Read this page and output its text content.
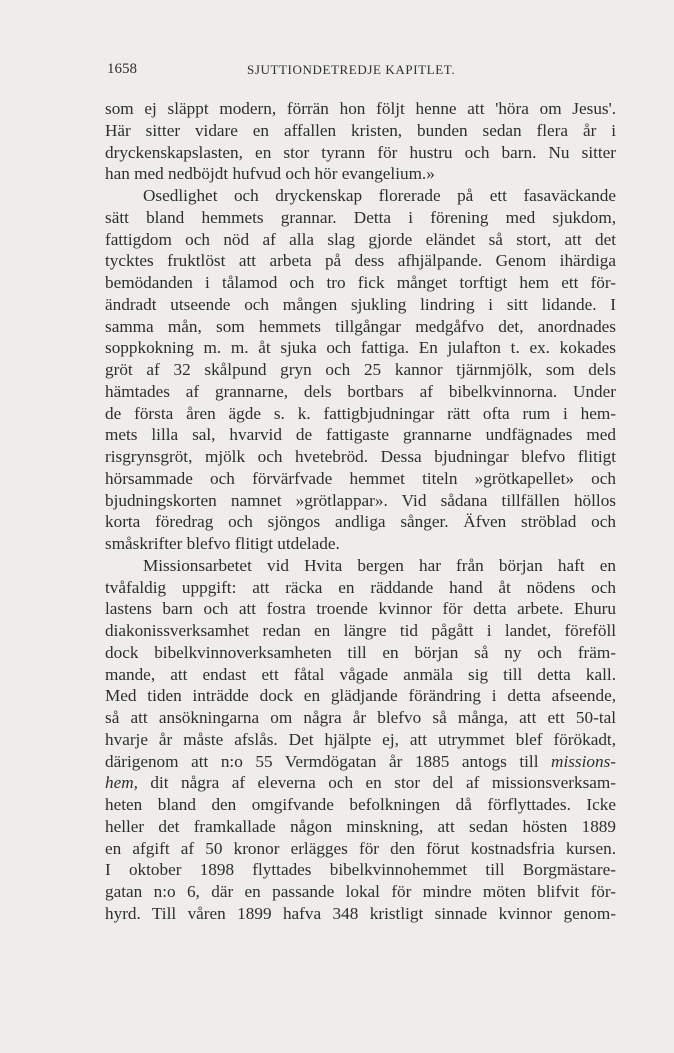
1658	SJUTTIONDETREDJE KAPITLET.
som ej släppt modern, förrän hon följt henne att 'höra om Jesus'.
Här sitter vidare en affallen kristen, bunden sedan flera år i
dryckenskapslasten, en stor tyrann för hustru och barn. Nu sitter
han med nedböjdt hufvud och hör evangelium.»
Osedlighet och dryckenskap florerade på ett fasaväckande
sätt bland hemmets grannar. Detta i förening med sjukdom,
fattigdom och nöd af alla slag gjorde eländet så stort, att det
tycktes fruktlöst att arbeta på dess afhjälpande. Genom ihärdiga
bemödanden i tålamod och tro fick månget torftigt hem ett för-
ändradt utseende och mången sjukling lindring i sitt lidande. I
samma mån, som hemmets tillgångar medgåfvo det, anordnades
soppkokning m. m. åt sjuka och fattiga. En julafton t. ex. kokades
gröt af 32 skålpund gryn och 25 kannor tjärnmjölk, som dels
hämtades af grannarne, dels bortbars af bibelkvinnorna. Under
de första åren ägde s. k. fattigbjudningar rätt ofta rum i hem-
mets lilla sal, hvarvid de fattigaste grannarne undfägnades med
risgrynsgröt, mjölk och hvetebröd. Dessa bjudningar blefvo flitigt
hörsammade och förvärfvade hemmet titeln »grötkapellet» och
bjudningskorten namnet »grötlappar». Vid sådana tillfällen höllos
korta föredrag och sjöngos andliga sånger. Äfven ströblad och
småskrifter blefvo flitigt utdelade.
Missionsarbetet vid Hvita bergen har från början haft en
tvåfaldig uppgift: att räcka en räddande hand åt nödens och
lastens barn och att fostra troende kvinnor för detta arbete. Ehuru
diakonissverksamhet redan en längre tid pågått i landet, föreföll
dock bibelkvinnoverksamheten till en början så ny och främ-
mande, att endast ett fåtal vågade anmäla sig till detta kall.
Med tiden inträdde dock en glädjande förändring i detta afseende,
så att ansökningarna om några år blefvo så många, att ett 50-tal
hvarje år måste afslås. Det hjälpte ej, att utrymmet blef förökadt,
därigenom att n:o 55 Vermdögatan år 1885 antogs till missions-
hem, dit några af eleverna och en stor del af missionsverksam-
heten bland den omgifvande befolkningen då förflyttades. Icke
heller det framkallade någon minskning, att sedan hösten 1889
en afgift af 50 kronor erlägges för den förut kostnadsfria kursen.
I oktober 1898 flyttades bibelkvinnohemmet till Borgmästare-
gatan n:o 6, där en passande lokal för mindre möten blifvit för-
hyrd. Till våren 1899 hafva 348 kristligt sinnade kvinnor genom-
